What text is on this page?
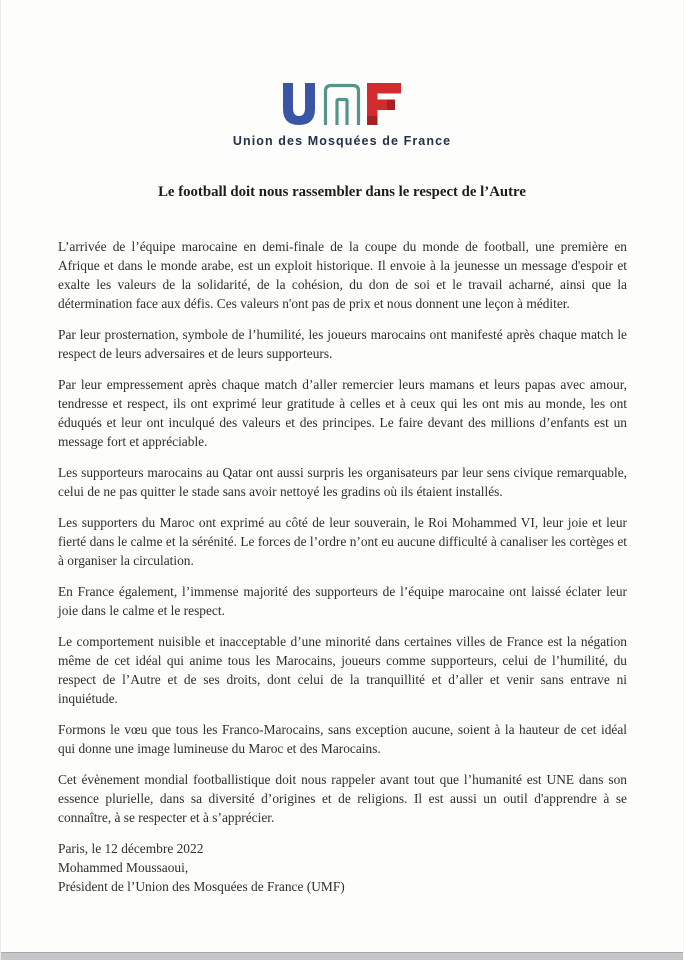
Union des Mosquées de France
Le football doit nous rassembler dans le respect de l’Autre

L’arrivée de l’équipe marocaine en demi-finale de la coupe du monde de football, une première en Afrique et dans le monde arabe, est un exploit historique. Il envoie à la jeunesse un message d'espoir et exalte les valeurs de la solidarité, de la cohésion, du don de soi et le travail acharné, ainsi que la détermination face aux défis. Ces valeurs n'ont pas de prix et nous donnent une leçon à méditer.

Par leur prosternation, symbole de l’humilité, les joueurs marocains ont manifesté après chaque match le respect de leurs adversaires et de leurs supporteurs.

Par leur empressement après chaque match d’aller remercier leurs mamans et leurs papas avec amour, tendresse et respect, ils ont exprimé leur gratitude à celles et à ceux qui les ont mis au monde, les ont éduqués et leur ont inculqué des valeurs et des principes. Le faire devant des millions d’enfants est un message fort et appréciable.

Les supporteurs marocains au Qatar ont aussi surpris les organisateurs par leur sens civique remarquable, celui de ne pas quitter le stade sans avoir nettoyé les gradins où ils étaient installés.

Les supporters du Maroc ont exprimé au côté de leur souverain, le Roi Mohammed VI, leur joie et leur fierté dans le calme et la sérénité. Le forces de l’ordre n’ont eu aucune difficulté à canaliser les cortèges et à organiser la circulation.

En France également, l’immense majorité des supporteurs de l’équipe marocaine ont laissé éclater leur joie dans le calme et le respect.

Le comportement nuisible et inacceptable d’une minorité dans certaines villes de France est la négation même de cet idéal qui anime tous les Marocains, joueurs comme supporteurs, celui de l’humilité, du respect de l’Autre et de ses droits, dont celui de la tranquillité et d’aller et venir sans entrave ni inquiétude.

Formons le vœu que tous les Franco-Marocains, sans exception aucune, soient à la hauteur de cet idéal qui donne une image lumineuse du Maroc et des Marocains.

Cet évènement mondial footballistique doit nous rappeler avant tout que l’humanité est UNE dans son essence plurielle, dans sa diversité d’origines et de religions. Il est aussi un outil d'apprendre à se connaître, à se respecter et à s’apprécier.

Paris, le 12 décembre 2022
Mohammed Moussaoui,
Président de l’Union des Mosquées de France (UMF)
